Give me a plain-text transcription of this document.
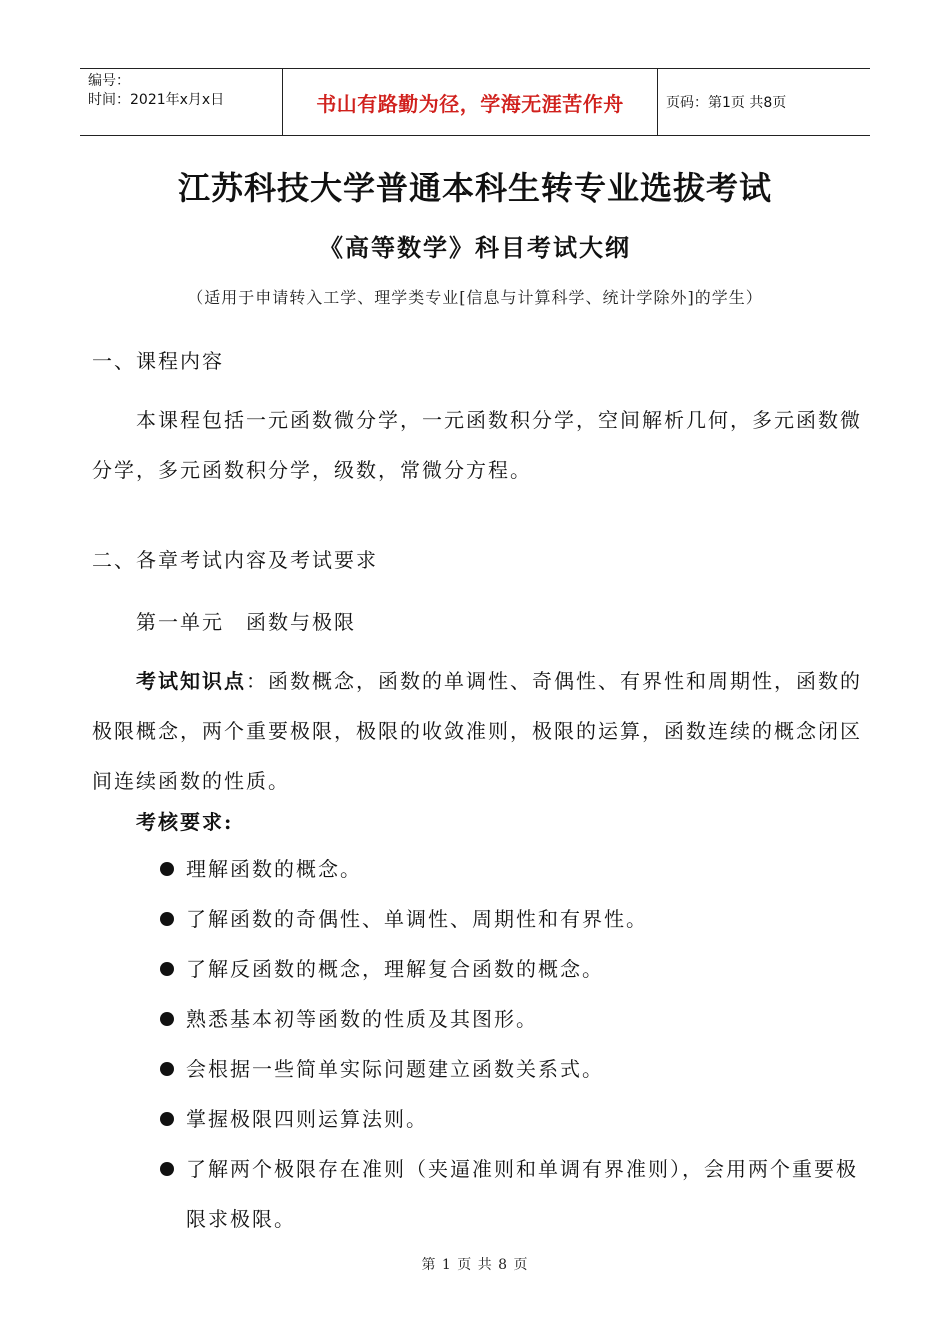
编号：
时间：2021年x月x日	书山有路勤为径，学海无涯苦作舟	页码：第1页 共8页
江苏科技大学普通本科生转专业选拔考试
《高等数学》科目考试大纲
（适用于申请转入工学、理学类专业[信息与计算科学、统计学除外]的学生）
一、课程内容
本课程包括一元函数微分学，一元函数积分学，空间解析几何，多元函数微分学，多元函数积分学，级数，常微分方程。
二、各章考试内容及考试要求
第一单元　函数与极限
考试知识点：函数概念，函数的单调性、奇偶性、有界性和周期性，函数的极限概念，两个重要极限，极限的收敛准则，极限的运算，函数连续的概念闭区间连续函数的性质。
考核要求:
理解函数的概念。
了解函数的奇偶性、单调性、周期性和有界性。
了解反函数的概念，理解复合函数的概念。
熟悉基本初等函数的性质及其图形。
会根据一些简单实际问题建立函数关系式。
掌握极限四则运算法则。
了解两个极限存在准则（夹逼准则和单调有界准则），会用两个重要极限求极限。
第 1 页 共 8 页
